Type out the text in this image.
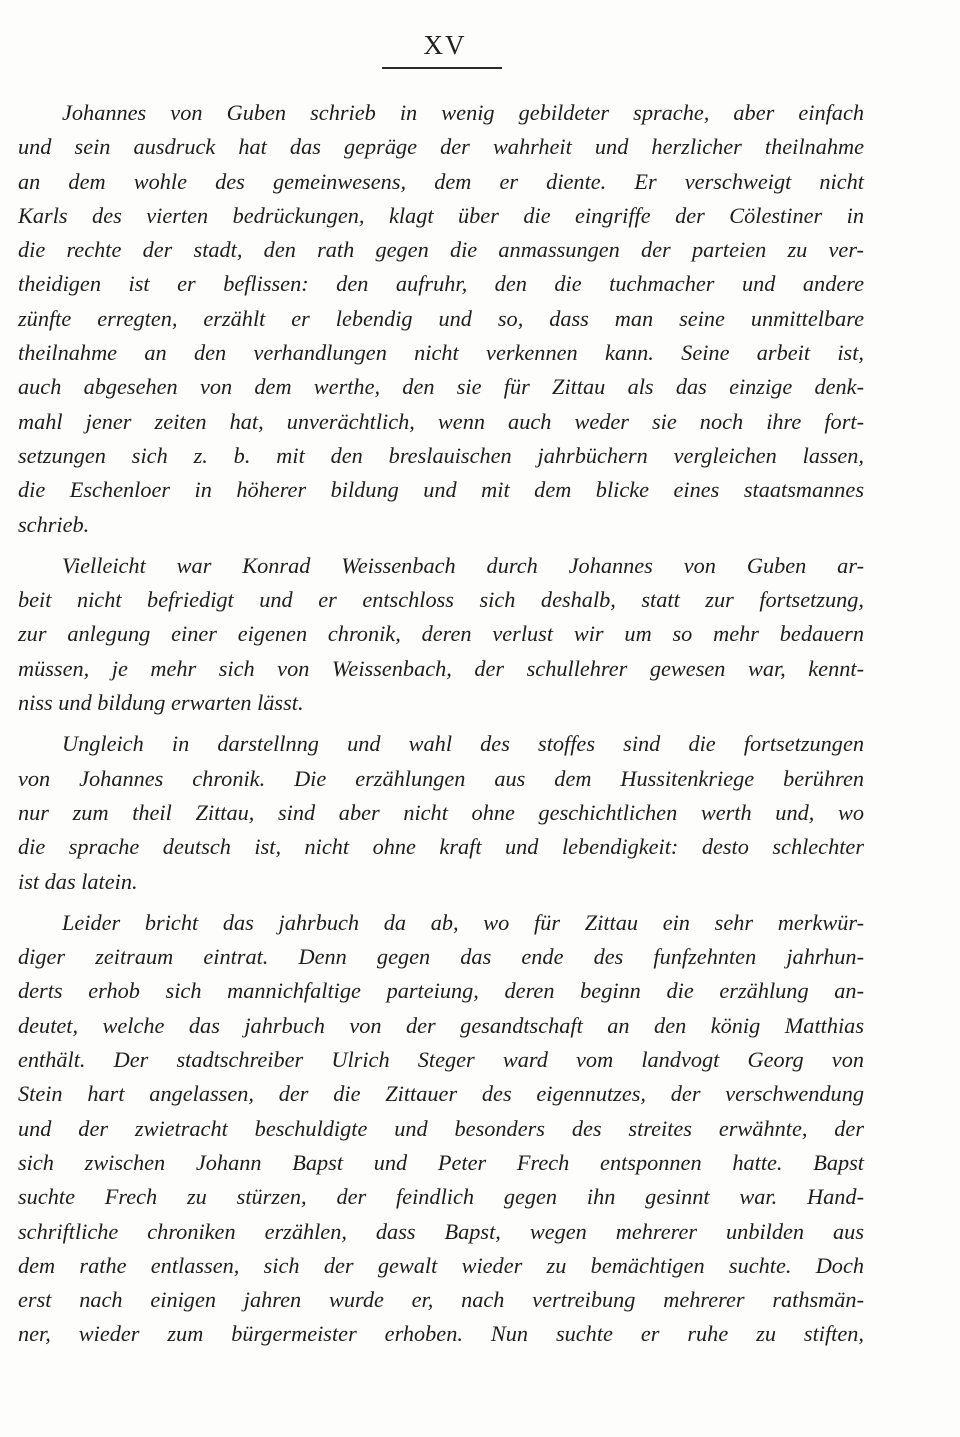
XV

Johannes von Guben schrieb in wenig gebildeter sprache, aber einfach
und sein ausdruck hat das gepräge der wahrheit und herzlicher theilnahme
an dem wohle des gemeinwesens, dem er diente. Er verschweigt nicht
Karls des vierten bedrückungen, klagt über die eingriffe der Cölestiner in
die rechte der stadt, den rath gegen die anmassungen der parteien zu ver-
theidigen ist er beflissen: den aufruhr, den die tuchmacher und andere
zünfte erregten, erzählt er lebendig und so, dass man seine unmittelbare
theilnahme an den verhandlungen nicht verkennen kann. Seine arbeit ist,
auch abgesehen von dem werthe, den sie für Zittau als das einzige denk-
mahl jener zeiten hat, unverächtlich, wenn auch weder sie noch ihre fort-
setzungen sich z. b. mit den breslauischen jahrbüchern vergleichen lassen,
die Eschenloer in höherer bildung und mit dem blicke eines staatsmannes
schrieb.

Vielleicht war Konrad Weissenbach durch Johannes von Guben ar-
beit nicht befriedigt und er entschloss sich deshalb, statt zur fortsetzung,
zur anlegung einer eigenen chronik, deren verlust wir um so mehr bedauern
müssen, je mehr sich von Weissenbach, der schullehrer gewesen war, kennt-
niss und bildung erwarten lässt.

Ungleich in darstellnng und wahl des stoffes sind die fortsetzungen
von Johannes chronik. Die erzählungen aus dem Hussitenkriege berühren
nur zum theil Zittau, sind aber nicht ohne geschichtlichen werth und, wo
die sprache deutsch ist, nicht ohne kraft und lebendigkeit: desto schlechter
ist das latein.

Leider bricht das jahrbuch da ab, wo für Zittau ein sehr merkwür-
diger zeitraum eintrat. Denn gegen das ende des funfzehnten jahrhun-
derts erhob sich mannichfaltige parteiung, deren beginn die erzählung an-
deutet, welche das jahrbuch von der gesandtschaft an den könig Matthias
enthält. Der stadtschreiber Ulrich Steger ward vom landvogt Georg von
Stein hart angelassen, der die Zittauer des eigennutzes, der verschwendung
und der zwietracht beschuldigte und besonders des streites erwähnte, der
sich zwischen Johann Bapst und Peter Frech entsponnen hatte. Bapst
suchte Frech zu stürzen, der feindlich gegen ihn gesinnt war. Hand-
schriftliche chroniken erzählen, dass Bapst, wegen mehrerer unbilden aus
dem rathe entlassen, sich der gewalt wieder zu bemächtigen suchte. Doch
erst nach einigen jahren wurde er, nach vertreibung mehrerer rathsmän-
ner, wieder zum bürgermeister erhoben. Nun suchte er ruhe zu stiften,
